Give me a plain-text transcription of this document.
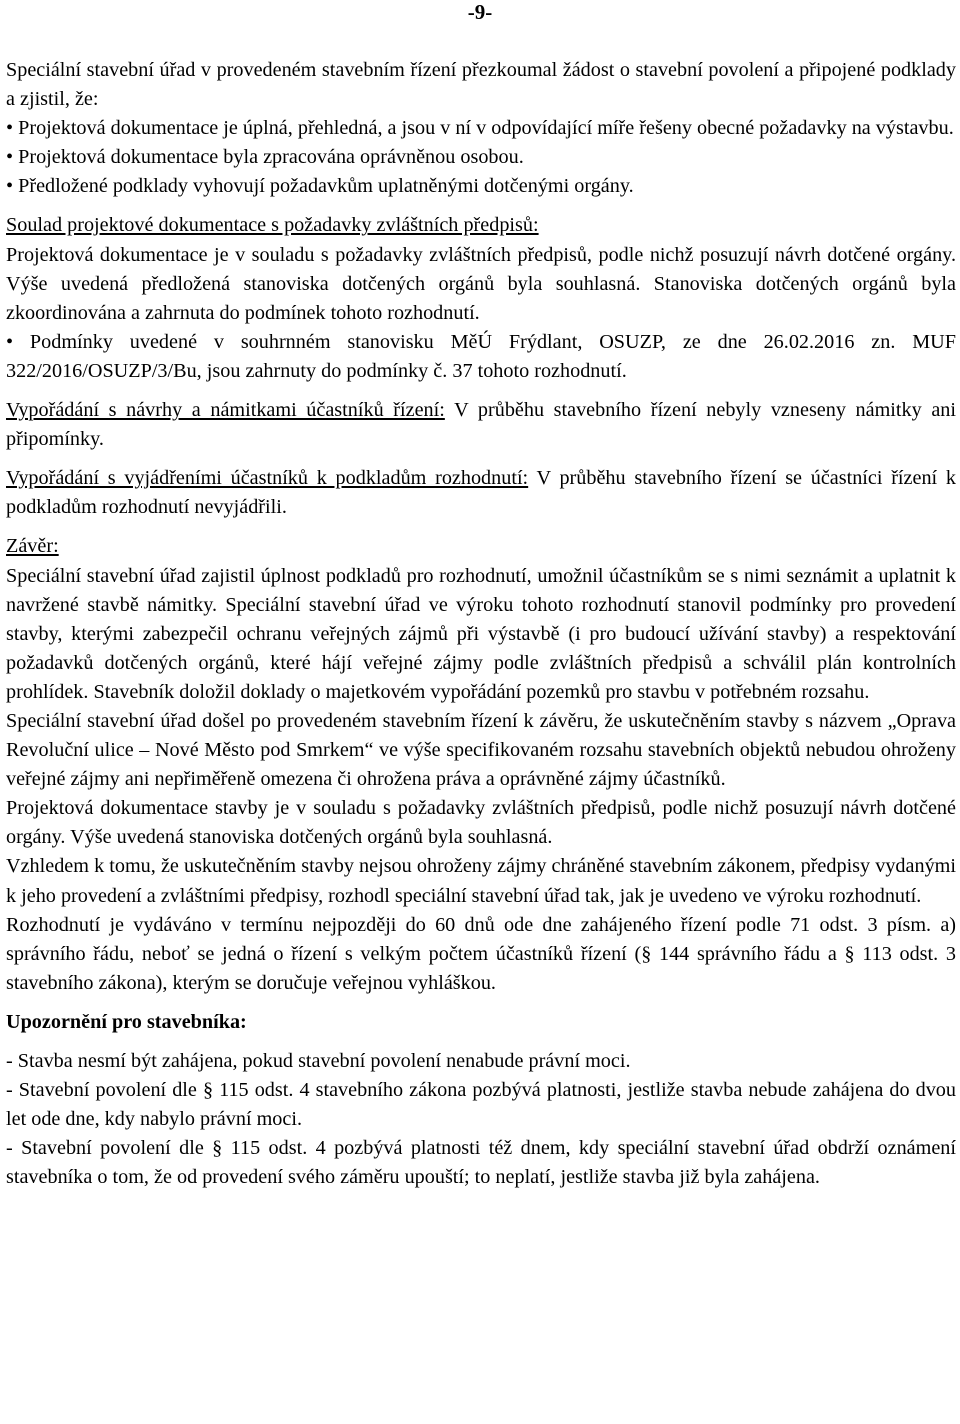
-9-

Speciální stavební úřad v provedeném stavebním řízení přezkoumal žádost o stavební povolení a připojené podklady a zjistil, že:

• Projektová dokumentace je úplná, přehledná, a jsou v ní v odpovídající míře řešeny obecné požadavky na výstavbu.

• Projektová dokumentace byla zpracována oprávněnou osobou.

• Předložené podklady vyhovují požadavkům uplatněnými dotčenými orgány.

Soulad projektové dokumentace s požadavky zvláštních předpisů:

Projektová dokumentace je v souladu s požadavky zvláštních předpisů, podle nichž posuzují návrh dotčené orgány. Výše uvedená předložená stanoviska dotčených orgánů byla souhlasná. Stanoviska dotčených orgánů byla zkoordinována a zahrnuta do podmínek tohoto rozhodnutí.

• Podmínky uvedené v souhrnném stanovisku MěÚ Frýdlant, OSUZP, ze dne 26.02.2016 zn. MUF 322/2016/OSUZP/3/Bu, jsou zahrnuty do podmínky č. 37 tohoto rozhodnutí.

Vypořádání s návrhy a námitkami účastníků řízení: V průběhu stavebního řízení nebyly vzneseny námitky ani připomínky.

Vypořádání s vyjádřeními účastníků k podkladům rozhodnutí: V průběhu stavebního řízení se účastníci řízení k podkladům rozhodnutí nevyjádřili.

Závěr:

Speciální stavební úřad zajistil úplnost podkladů pro rozhodnutí, umožnil účastníkům se s nimi seznámit a uplatnit k navržené stavbě námitky. Speciální stavební úřad ve výroku tohoto rozhodnutí stanovil podmínky pro provedení stavby, kterými zabezpečil ochranu veřejných zájmů při výstavbě (i pro budoucí užívání stavby) a respektování požadavků dotčených orgánů, které hájí veřejné zájmy podle zvláštních předpisů a schválil plán kontrolních prohlídek. Stavebník doložil doklady o majetkovém vypořádání pozemků pro stavbu v potřebném rozsahu.

Speciální stavební úřad došel po provedeném stavebním řízení k závěru, že uskutečněním stavby s názvem „Oprava Revoluční ulice – Nové Město pod Smrkem“ ve výše specifikovaném rozsahu stavebních objektů nebudou ohroženy veřejné zájmy ani nepřiměřeně omezena či ohrožena práva a oprávněné zájmy účastníků.

Projektová dokumentace stavby je v souladu s požadavky zvláštních předpisů, podle nichž posuzují návrh dotčené orgány. Výše uvedená stanoviska dotčených orgánů byla souhlasná.

Vzhledem k tomu, že uskutečněním stavby nejsou ohroženy zájmy chráněné stavebním zákonem, předpisy vydanými k jeho provedení a zvláštními předpisy, rozhodl speciální stavební úřad tak, jak je uvedeno ve výroku rozhodnutí.

Rozhodnutí je vydáváno v termínu nejpozději do 60 dnů ode dne zahájeného řízení podle 71 odst. 3 písm. a) správního řádu, neboť se jedná o řízení s velkým počtem účastníků řízení (§ 144 správního řádu a § 113 odst. 3 stavebního zákona), kterým se doručuje veřejnou vyhláškou.

Upozornění pro stavebníka:

- Stavba nesmí být zahájena, pokud stavební povolení nenabude právní moci.

- Stavební povolení dle § 115 odst. 4 stavebního zákona pozbývá platnosti, jestliže stavba nebude zahájena do dvou let ode dne, kdy nabylo právní moci.

- Stavební povolení dle § 115 odst. 4 pozbývá platnosti též dnem, kdy speciální stavební úřad obdrží oznámení stavebníka o tom, že od provedení svého záměru upouští; to neplatí, jestliže stavba již byla zahájena.
